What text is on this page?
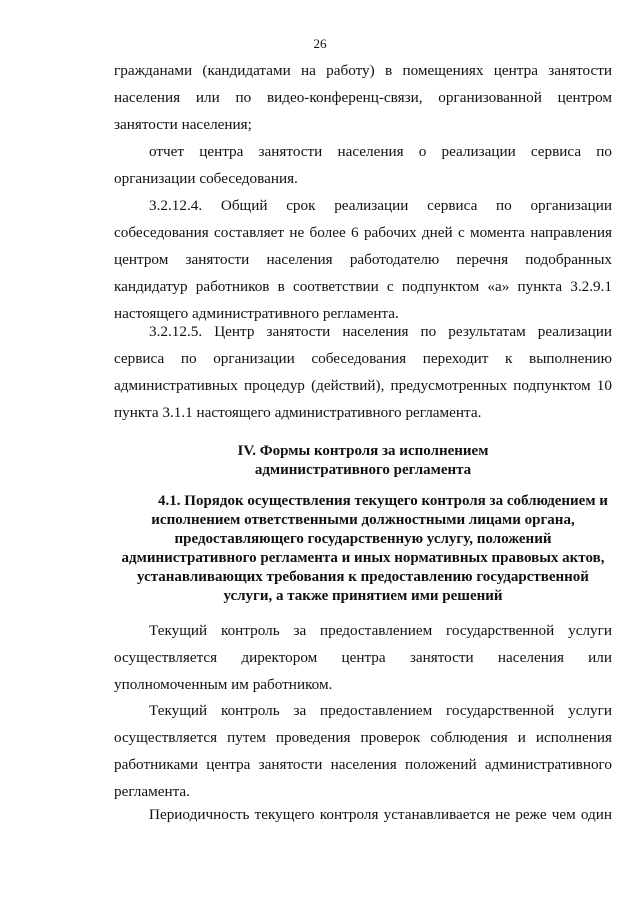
26

гражданами (кандидатами на работу) в помещениях центра занятости населения или по видео-конференц-связи, организованной центром занятости населения;

отчет центра занятости населения о реализации сервиса по организации собеседования.

3.2.12.4. Общий срок реализации сервиса по организации собеседования составляет не более 6 рабочих дней с момента направления центром занятости населения работодателю перечня подобранных кандидатур работников в соответствии с подпунктом «а» пункта 3.2.9.1 настоящего административного регламента.

3.2.12.5. Центр занятости населения по результатам реализации сервиса по организации собеседования переходит к выполнению административных процедур (действий), предусмотренных подпунктом 10 пункта 3.1.1 настоящего административного регламента.

IV. Формы контроля за исполнением
административного регламента
4.1. Порядок осуществления текущего контроля за соблюдением и
исполнением ответственными должностными лицами органа,
предоставляющего государственную услугу, положений
административного регламента и иных нормативных правовых актов,
устанавливающих требования к предоставлению государственной
услуги, а также принятием ими решений

Текущий контроль за предоставлением государственной услуги осуществляется директором центра занятости населения или уполномоченным им работником.

Текущий контроль за предоставлением государственной услуги осуществляется путем проведения проверок соблюдения и исполнения работниками центра занятости населения положений административного регламента.

Периодичность текущего контроля устанавливается не реже чем один
